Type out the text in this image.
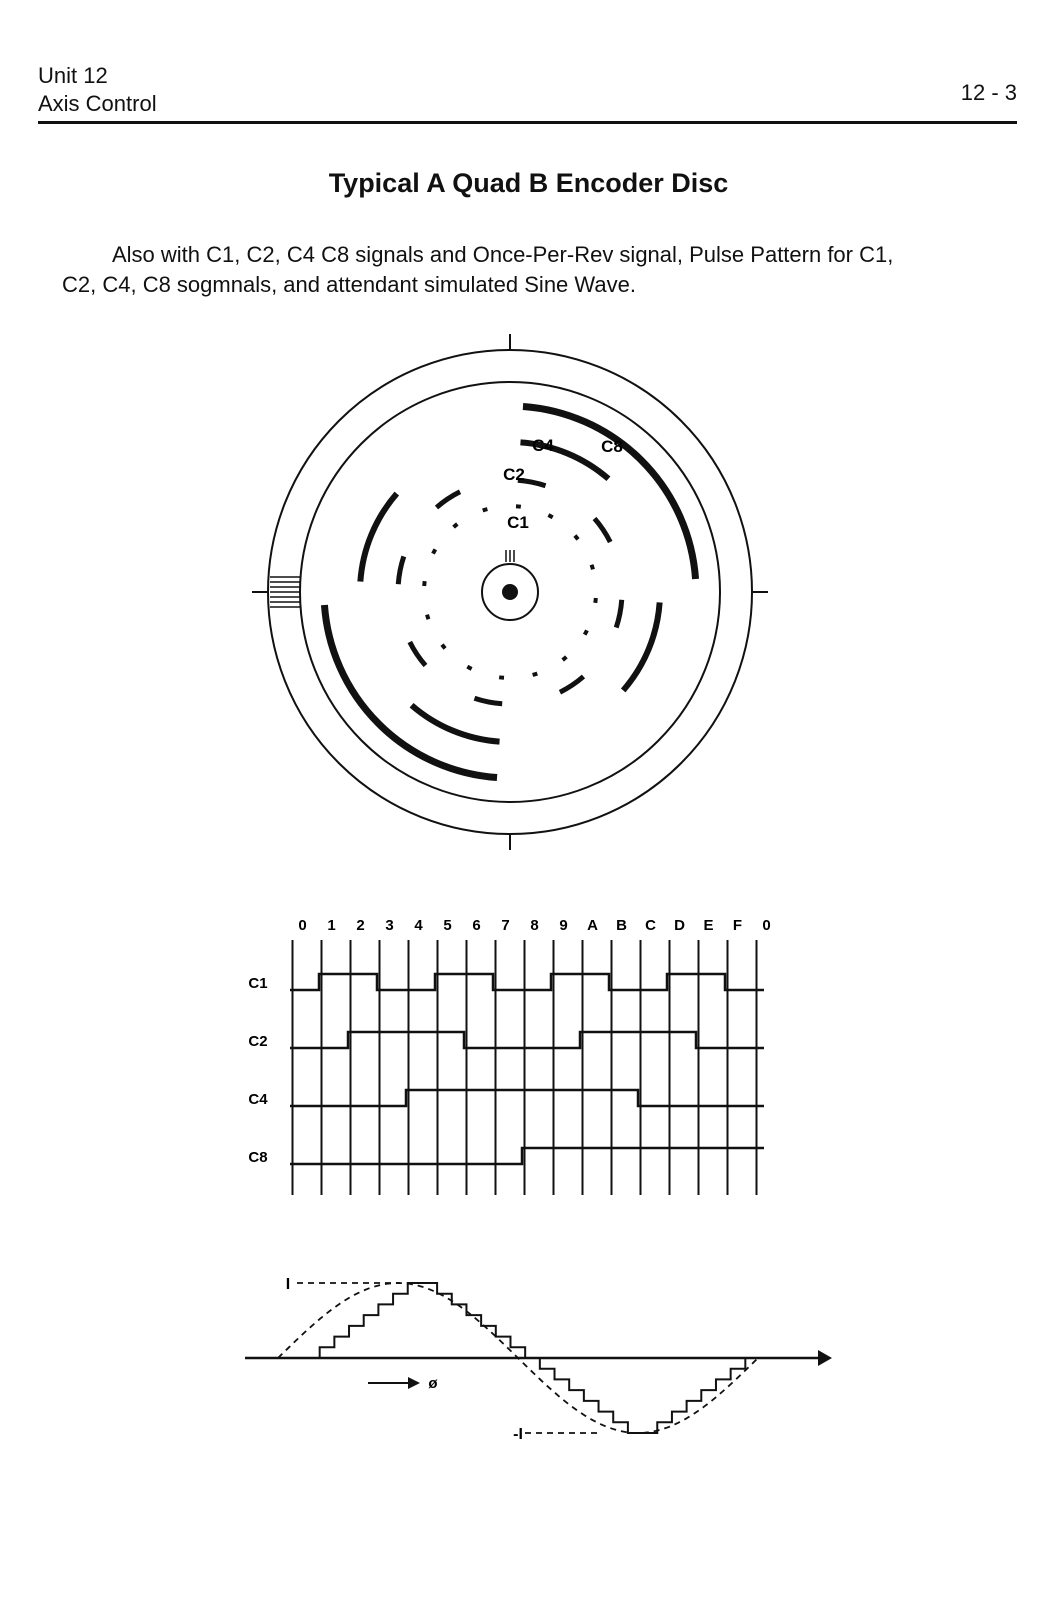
Unit 12
Axis Control	12 - 3
Typical A Quad B Encoder Disc
Also with C1, C2, C4 C8 signals and Once-Per-Rev signal, Pulse Pattern for C1,
C2, C4, C8 sogmnals, and attendant simulated Sine Wave.
C1
C2
C4	C8
0 1 2 3 4 5 6 7 8 9 A B C D E F 0
C1
C2
C4
C8
I
-I
ø
